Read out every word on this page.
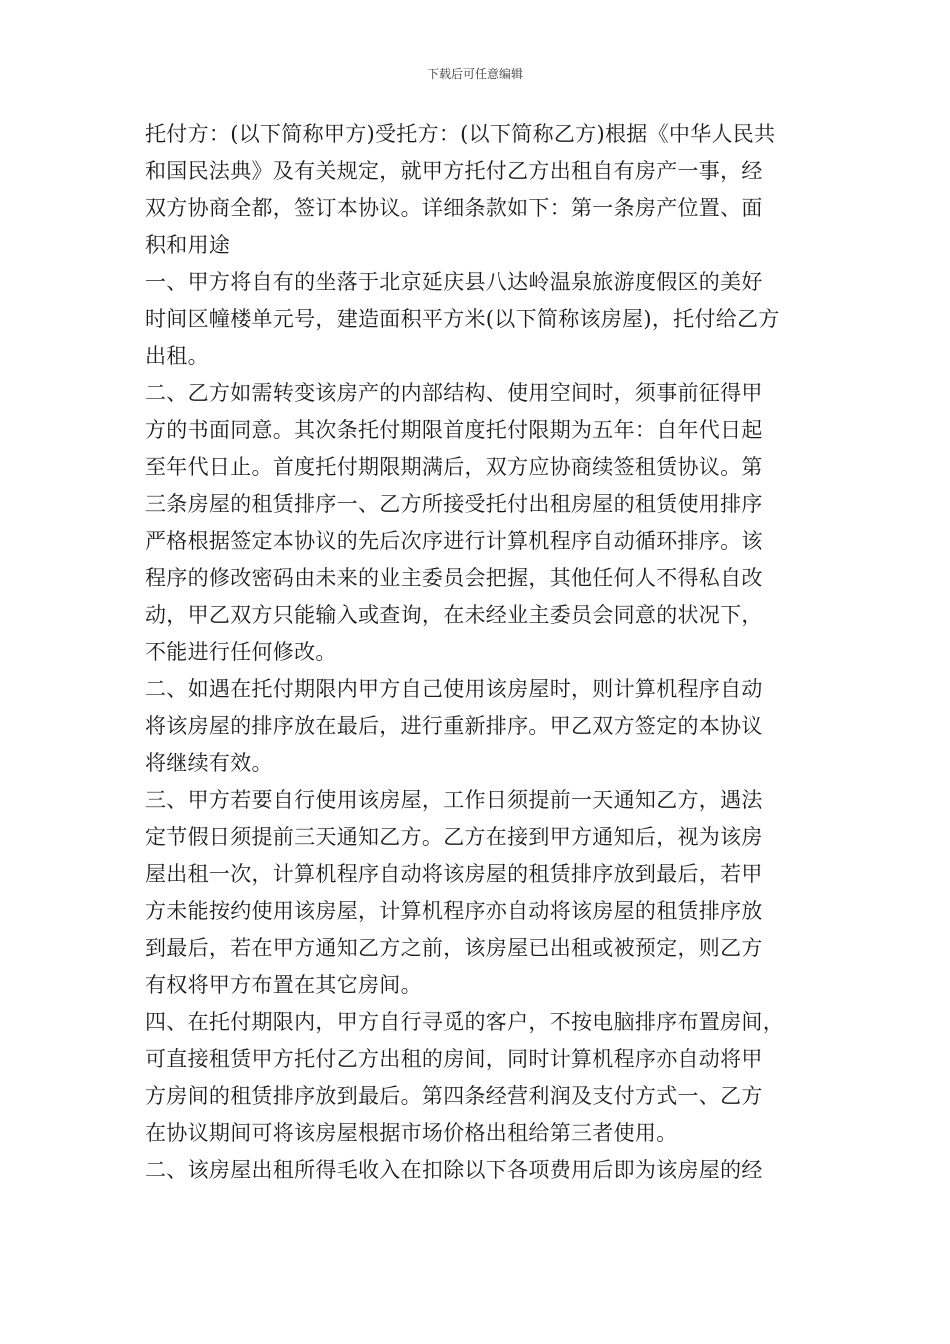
下载后可任意编辑
托付方：(以下简称甲方)受托方：(以下简称乙方)根据《中华人民共
和国民法典》及有关规定，就甲方托付乙方出租自有房产一事，经
双方协商全都，签订本协议。详细条款如下：第一条房产位置、面
积和用途
一、甲方将自有的坐落于北京延庆县八达岭温泉旅游度假区的美好
时间区幢楼单元号，建造面积平方米(以下简称该房屋)，托付给乙方
出租。
二、乙方如需转变该房产的内部结构、使用空间时，须事前征得甲
方的书面同意。其次条托付期限首度托付限期为五年：自年代日起
至年代日止。首度托付期限期满后，双方应协商续签租赁协议。第
三条房屋的租赁排序一、乙方所接受托付出租房屋的租赁使用排序
严格根据签定本协议的先后次序进行计算机程序自动循环排序。该
程序的修改密码由未来的业主委员会把握，其他任何人不得私自改
动，甲乙双方只能输入或查询，在未经业主委员会同意的状况下，
不能进行任何修改。
二、如遇在托付期限内甲方自己使用该房屋时，则计算机程序自动
将该房屋的排序放在最后，进行重新排序。甲乙双方签定的本协议
将继续有效。
三、甲方若要自行使用该房屋，工作日须提前一天通知乙方，遇法
定节假日须提前三天通知乙方。乙方在接到甲方通知后，视为该房
屋出租一次，计算机程序自动将该房屋的租赁排序放到最后，若甲
方未能按约使用该房屋，计算机程序亦自动将该房屋的租赁排序放
到最后，若在甲方通知乙方之前，该房屋已出租或被预定，则乙方
有权将甲方布置在其它房间。
四、在托付期限内，甲方自行寻觅的客户，不按电脑排序布置房间，
可直接租赁甲方托付乙方出租的房间，同时计算机程序亦自动将甲
方房间的租赁排序放到最后。第四条经营利润及支付方式一、乙方
在协议期间可将该房屋根据市场价格出租给第三者使用。
二、该房屋出租所得毛收入在扣除以下各项费用后即为该房屋的经
